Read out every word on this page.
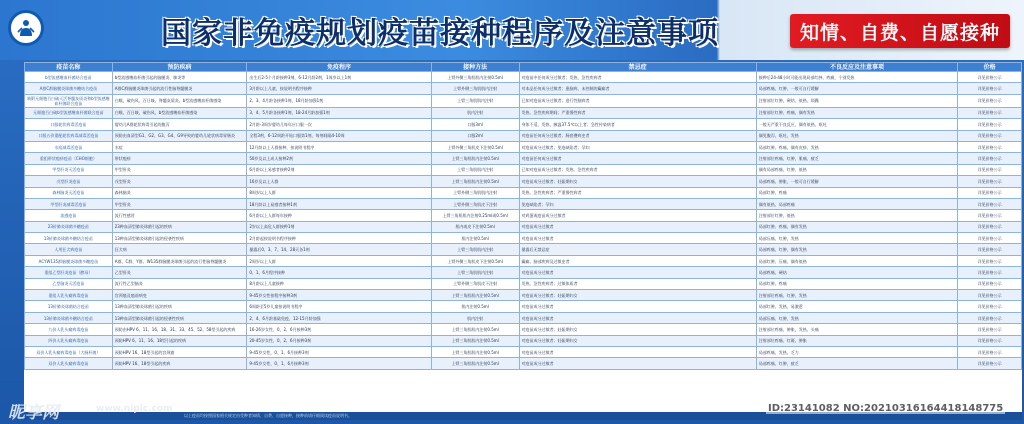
国家非免疫规划疫苗接种程序及注意事项	知情、自费、自愿接种
疫苗名称	预防疾病	免疫程序	接种方法	禁忌症	不良反应及注意事项	价格
b型流感嗜血杆菌结合疫苗	b型流感嗜血杆菌引起的脑膜炎、肺炎等	出生后2-5个月龄接种3剂，6-12月龄2剂，1周岁以上1剂	上臂外侧三角肌肌内注射0.5ml	对疫苗中任何成分过敏者；发热、急性疾病者	接种后24-48小时可能出现局部红肿、疼痛，个别发热	详见价格公示
A群C群脑膜炎球菌多糖结合疫苗	A群C群脑膜炎球菌引起的流行性脑脊髓膜炎	3月龄以上儿童，按说明书程序接种	上臂外侧三角肌肌内注射	对本品任何成分过敏者；患脑病、未控制的癫痫者	局部疼痛、红肿，一般可自行缓解	详见价格公示
吸附无细胞百白破灭活脊髓灰质炎和b型流感嗜血杆菌联合疫苗	白喉、破伤风、百日咳、脊髓灰质炎、b型流感嗜血杆菌感染	2、3、4月龄各接种1剂，18月龄加强1剂	上臂三角肌肌内注射	已知对疫苗成分过敏者；进行性脑病者	注射部位红肿、硬结，低热、烦躁	详见价格公示
无细胞百白破b型流感嗜血杆菌联合疫苗	白喉、百日咳、破伤风、b型流感嗜血杆菌感染	3、4、5月龄各接种1剂，18-24月龄加强1剂	肌内注射	发热、急性疾病期间；严重慢性病者	注射部位红肿、疼痛，偶有发热	详见价格公示
口服轮状病毒活疫苗	婴幼儿A群轮状病毒引起的腹泻	2月龄-3周岁婴幼儿每年应口服一次	口服3ml	身体不适、发热、腋温37.5℃以上者；急性传染病者	一般无严重不良反应，偶有低热、呕吐	详见价格公示
口服五价重配轮状病毒减毒活疫苗	预防由血清型G1、G2、G3、G4、G9导致的婴幼儿轮状病毒胃肠炎	全程3剂，6-12周龄开始口服第1剂，每剂间隔4-10周	口服2ml	对疫苗任何成分过敏者；肠套叠病史者	偶见腹泻、呕吐、发热	详见价格公示
水痘减毒活疫苗	水痘	12月龄以上人群接种，按说明书程序	上臂外侧三角肌皮下注射0.5ml	对疫苗成分过敏者；免疫缺陷者；孕妇	局部红肿、疼痛，偶有皮疹、发热	详见价格公示
重组带状疱疹疫苗（CHO细胞）	带状疱疹	50岁及以上成人接种2剂	上臂三角肌肌内注射0.5ml	对疫苗任何成分过敏者	注射部位疼痛、红肿，肌痛、疲乏	详见价格公示
甲型肝炎灭活疫苗	甲型肝炎	6月龄以上易感者接种2剂	上臂三角肌肌内注射	已知对疫苗成分过敏者；发热、急性疾病者	偶有局部疼痛、红肿，低热	详见价格公示
戊型肝炎疫苗	戊型肝炎	16岁及以上人群	上臂三角肌肌内注射0.5ml	对疫苗成分过敏者；妊娠期妇女	局部疼痛、肿胀，一般可自行缓解	详见价格公示
森林脑炎灭活疫苗	森林脑炎	8周岁以上人群	上臂外侧三角肌肌内注射	发热、急性疾病者；严重慢性病者	局部红肿、疼痛	详见价格公示
甲型肝炎减毒活疫苗	甲型肝炎	18月龄以上易感者接种1剂	上臂外侧三角肌皮下注射	免疫缺陷者；孕妇	偶有低热、局部疼痛	详见价格公示
流感疫苗	流行性感冒	6月龄以上人群每年接种	上臂三角肌肌内注射0.25ml或0.5ml	对鸡蛋或疫苗成分过敏者	注射部位红肿、低热	详见价格公示
23价肺炎球菌多糖疫苗	23种血清型肺炎球菌引起的疾病	2岁以上高危人群接种1剂	肌内或皮下注射0.5ml	对疫苗成分过敏者	局部红肿、疼痛，偶有发热	详见价格公示
13价肺炎球菌多糖结合疫苗	13种血清型肺炎球菌引起的侵袭性疾病	2月龄起按说明书程序接种	肌内注射0.5ml	对疫苗成分过敏者	局部压痛、红肿，发热	详见价格公示
人用狂犬病疫苗	狂犬病	暴露后0、3、7、14、28天各1剂	上臂三角肌肌内注射	暴露后无禁忌症	局部疼痛、红肿，偶有发热	详见价格公示
ACYW135群脑膜炎球菌多糖疫苗	A群、C群、Y群、W135群脑膜炎球菌引起的流行性脑脊髓膜炎	2周岁以上人群	上臂外侧三角肌皮下注射0.5ml	癫痫、脑部疾病及过敏史者	局部红肿、压痛，偶有低热	详见价格公示
重组乙型肝炎疫苗（酵母）	乙型肝炎	0、1、6月程序接种	上臂三角肌肌内注射	对疫苗成分过敏者	局部疼痛、硬结	详见价格公示
乙型脑炎灭活疫苗	流行性乙型脑炎	8月龄以上儿童接种	上臂外侧三角肌皮下注射	发热、急性疾病者；过敏体质者	局部红肿、疼痛	详见价格公示
重组人乳头瘤病毒疫苗	宫颈癌及癌前病变	9-45岁女性按程序接种3剂	上臂三角肌肌内注射0.5ml	对疫苗成分过敏者；妊娠期妇女	注射部位疼痛、红肿，发热	详见价格公示
13价肺炎球菌结合疫苗	13种血清型肺炎球菌引起的疾病	6周龄至5岁儿童按说明书程序	肌内注射0.5ml	对疫苗成分过敏者	局部红肿、发热、易激惹	详见价格公示
13价肺炎球菌多糖结合疫苗	13种血清型肺炎球菌引起的侵袭性疾病	2、4、6月龄基础免疫，12-15月龄加强	肌内注射	对疫苗成分过敏者	局部压痛、红肿，发热	详见价格公示
九价人乳头瘤病毒疫苗	预防由HPV 6、11、16、18、31、33、45、52、58型引起的疾病	16-26岁女性，0、2、6月接种3剂	上臂三角肌肌内注射0.5ml	对疫苗成分过敏者；妊娠期妇女	注射部位疼痛、肿胀，发热、头痛	详见价格公示
四价人乳头瘤病毒疫苗	预防HPV 6、11、16、18型引起的疾病	20-45岁女性，0、2、6月接种3剂	上臂三角肌肌内注射0.5ml	对疫苗成分过敏者；妊娠期妇女	注射部位疼痛、红斑、肿胀	详见价格公示
双价人乳头瘤病毒疫苗（大肠杆菌）	预防HPV 16、18型引起的宫颈癌	9-45岁女性，0、1、6月接种3剂	上臂三角肌肌内注射0.5ml	对疫苗成分过敏者	局部疼痛、发热、乏力	详见价格公示
双价人乳头瘤病毒疫苗	预防HPV 16、18型引起的疾病	9-45岁女性，0、1、6月接种3剂	上臂三角肌肌内注射0.5ml	对疫苗成分过敏者	局部疼痛、红肿，疲乏	详见价格公示
以上疫苗均按照国家相关规定由受种者知情、自费、自愿接种，接种前请仔细阅读疫苗说明书。
昵享网	www.nipic.com	ID:23141082 NO:20210316164418148775
